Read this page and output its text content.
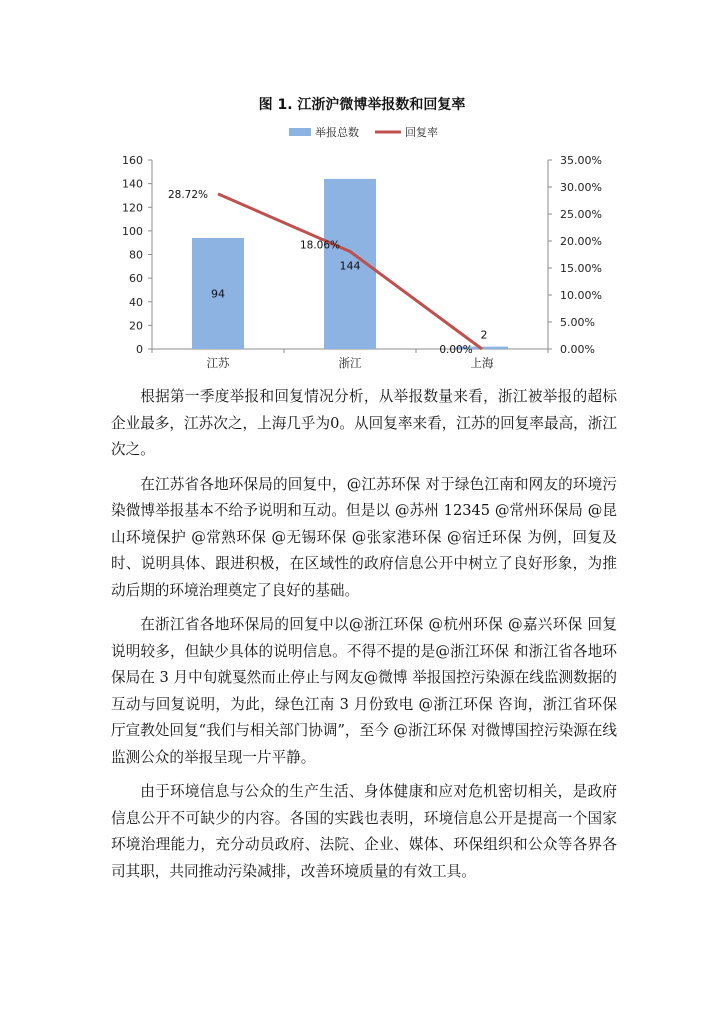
图 1. 江浙沪微博举报数和回复率
举报总数	回复率
0
20
40
60
80
100
120
140
160
0.00%
5.00%
10.00%
15.00%
20.00%
25.00%
30.00%
35.00%
江苏	浙江	上海
94
144
2
28.72%
18.06%
0.00%

根据第一季度举报和回复情况分析，从举报数量来看，浙江被举报的超标企业最多，江苏次之，上海几乎为0。从回复率来看，江苏的回复率最高，浙江次之。

在江苏省各地环保局的回复中，@江苏环保 对于绿色江南和网友的环境污染微博举报基本不给予说明和互动。但是以 @苏州 12345 @常州环保局 @昆山环境保护 @常熟环保 @无锡环保 @张家港环保 @宿迁环保 为例，回复及时、说明具体、跟进积极，在区域性的政府信息公开中树立了良好形象，为推动后期的环境治理奠定了良好的基础。

在浙江省各地环保局的回复中以@浙江环保 @杭州环保 @嘉兴环保 回复说明较多，但缺少具体的说明信息。不得不提的是@浙江环保 和浙江省各地环保局在 3 月中旬就戛然而止停止与网友@微博 举报国控污染源在线监测数据的互动与回复说明，为此，绿色江南 3 月份致电 @浙江环保 咨询，浙江省环保厅宣教处回复“我们与相关部门协调”，至今 @浙江环保 对微博国控污染源在线监测公众的举报呈现一片平静。

由于环境信息与公众的生产生活、身体健康和应对危机密切相关，是政府信息公开不可缺少的内容。各国的实践也表明，环境信息公开是提高一个国家环境治理能力，充分动员政府、法院、企业、媒体、环保组织和公众等各界各司其职，共同推动污染减排，改善环境质量的有效工具。
